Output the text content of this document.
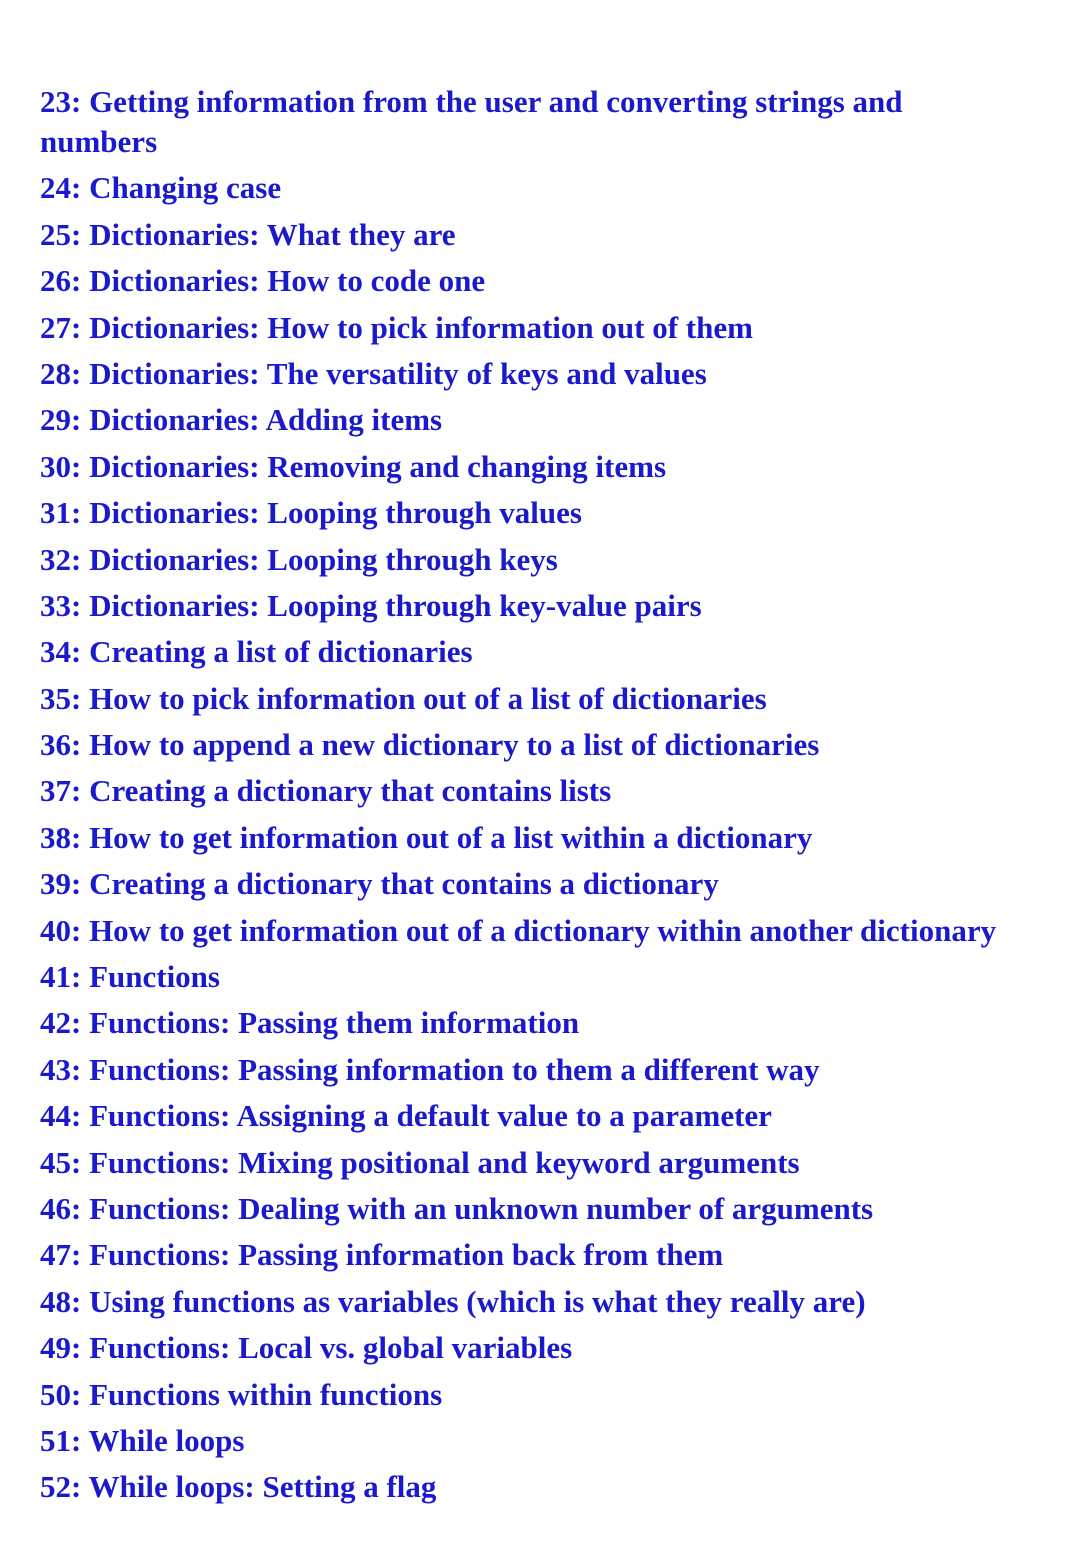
23: Getting information from the user and converting strings and numbers
24: Changing case
25: Dictionaries: What they are
26: Dictionaries: How to code one
27: Dictionaries: How to pick information out of them
28: Dictionaries: The versatility of keys and values
29: Dictionaries: Adding items
30: Dictionaries: Removing and changing items
31: Dictionaries: Looping through values
32: Dictionaries: Looping through keys
33: Dictionaries: Looping through key-value pairs
34: Creating a list of dictionaries
35: How to pick information out of a list of dictionaries
36: How to append a new dictionary to a list of dictionaries
37: Creating a dictionary that contains lists
38: How to get information out of a list within a dictionary
39: Creating a dictionary that contains a dictionary
40: How to get information out of a dictionary within another dictionary
41: Functions
42: Functions: Passing them information
43: Functions: Passing information to them a different way
44: Functions: Assigning a default value to a parameter
45: Functions: Mixing positional and keyword arguments
46: Functions: Dealing with an unknown number of arguments
47: Functions: Passing information back from them
48: Using functions as variables (which is what they really are)
49: Functions: Local vs. global variables
50: Functions within functions
51: While loops
52: While loops: Setting a flag
